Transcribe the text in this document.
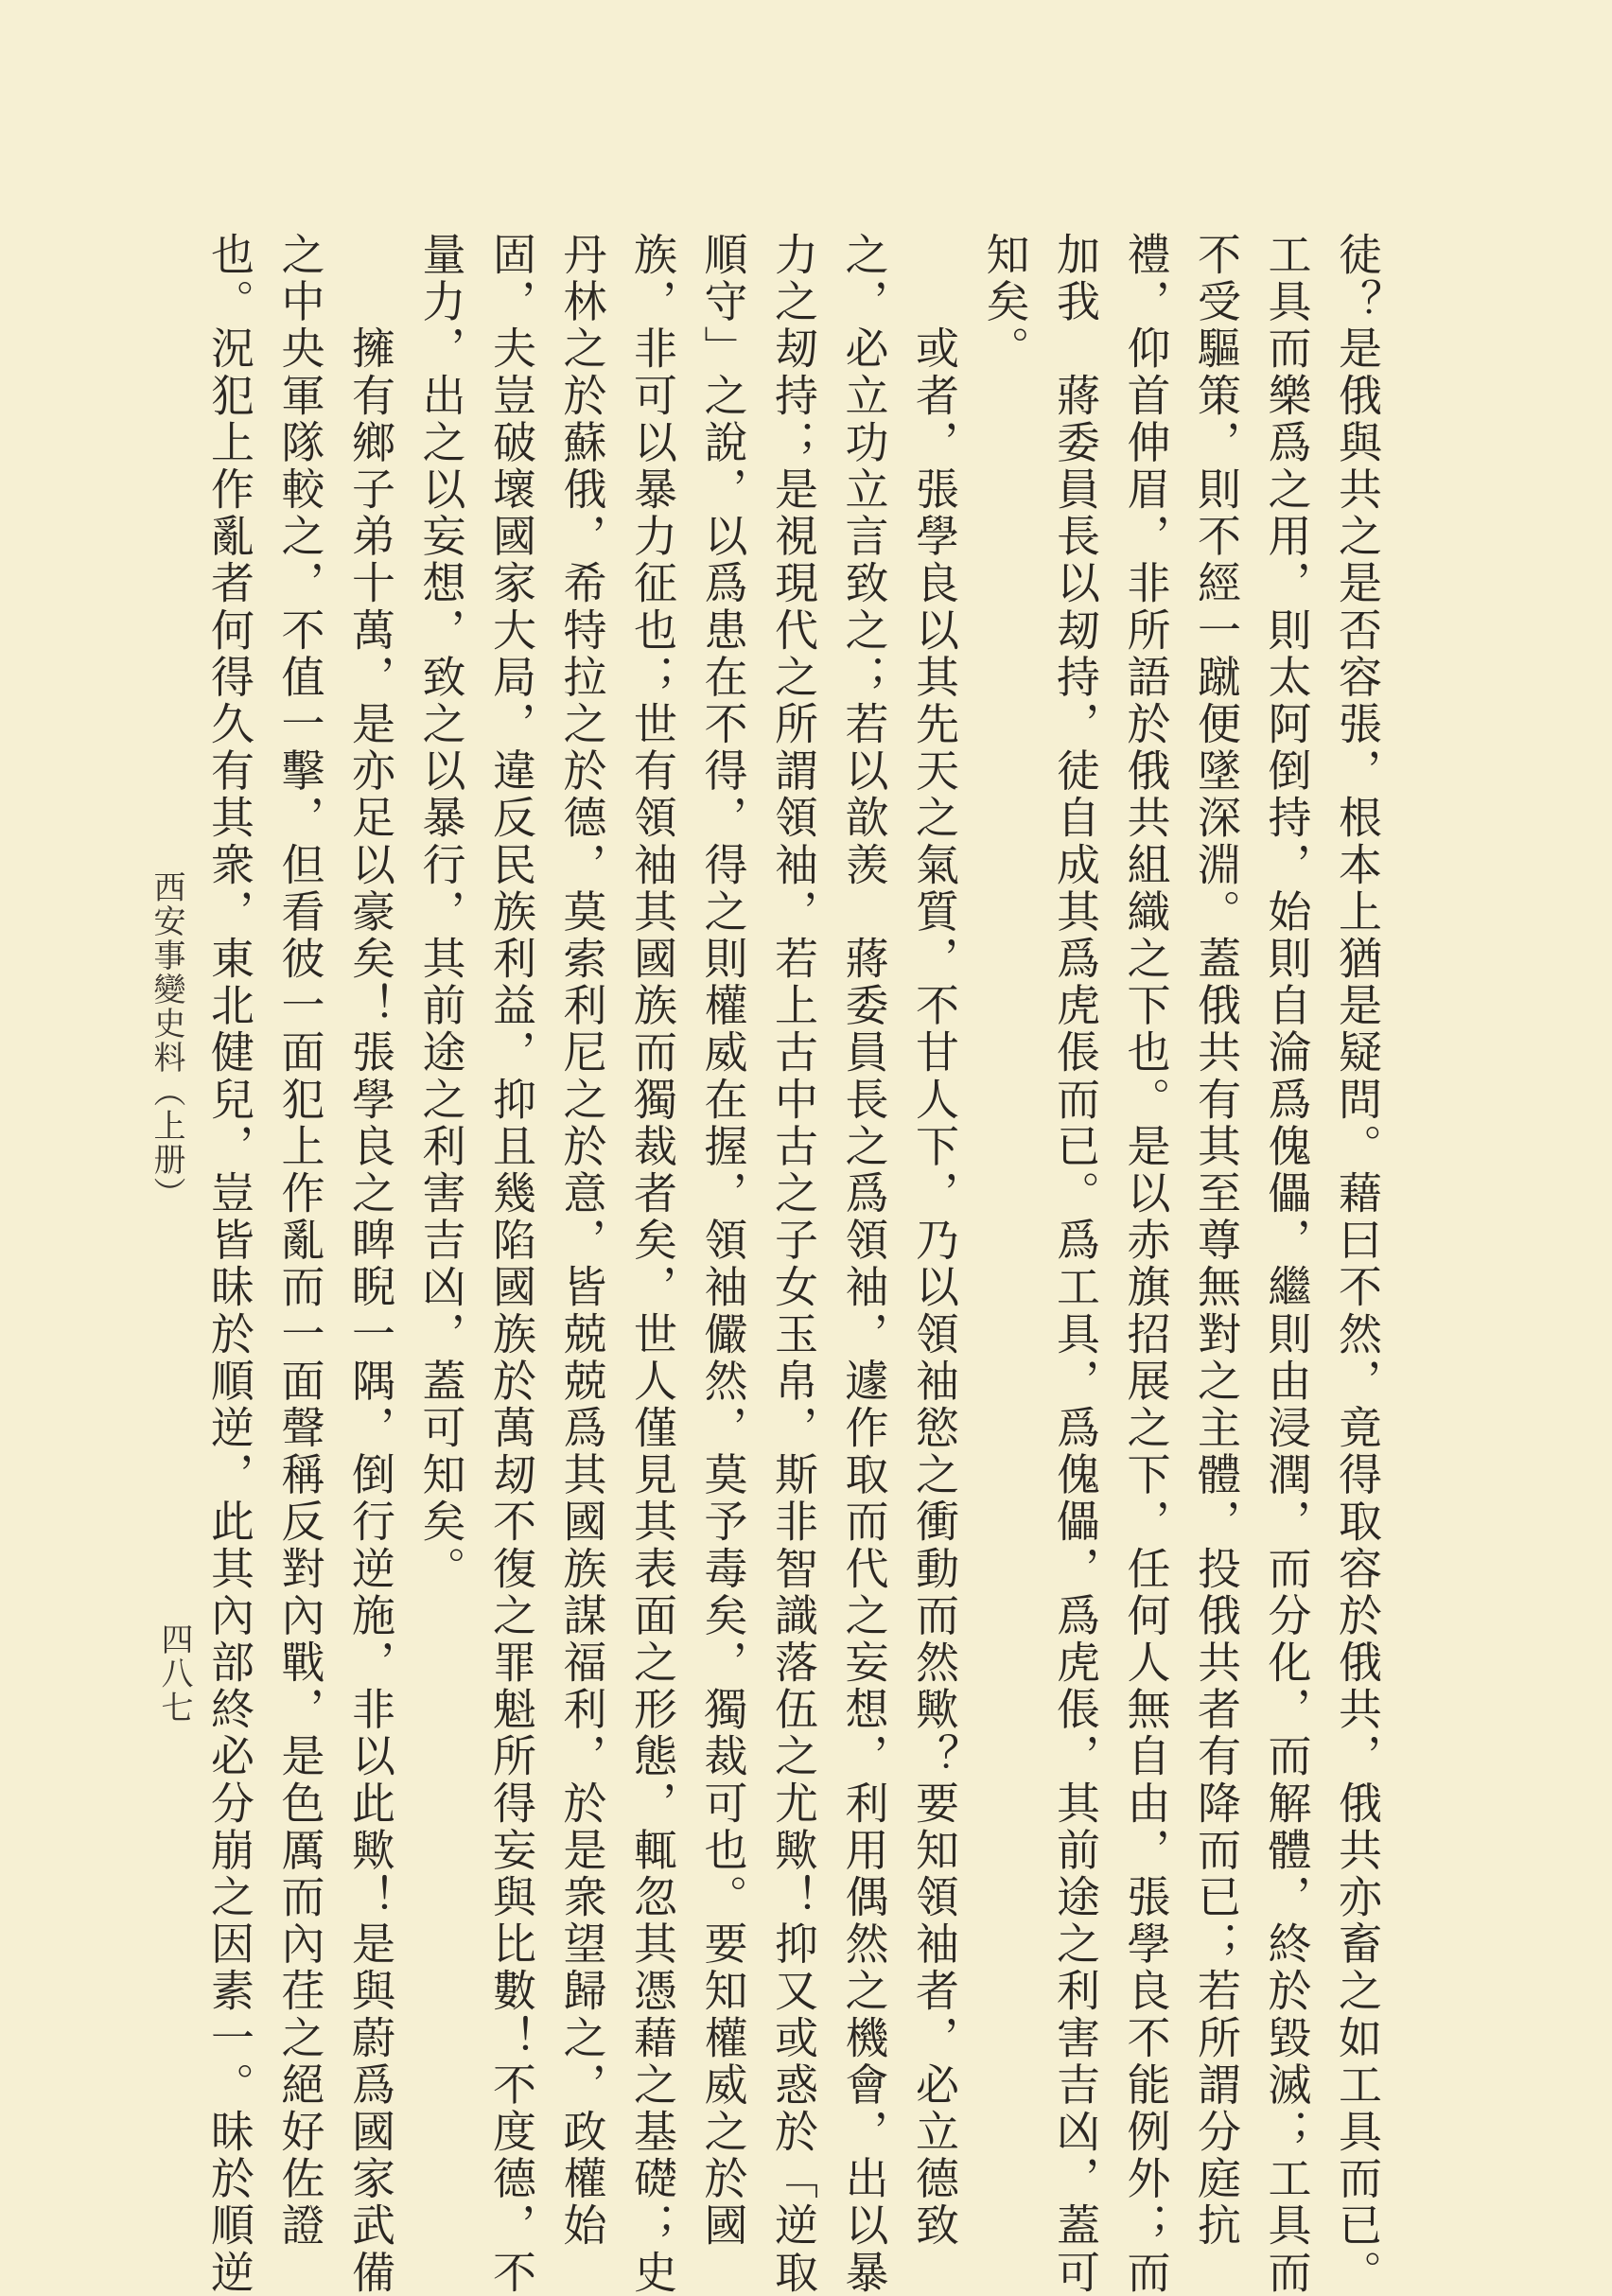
徒？是俄與共之是否容張，根本上猶是疑問。藉曰不然，竟得取容於俄共，俄共亦畜之如工具而已。
工具而樂爲之用，則太阿倒持，始則自淪爲傀儡，繼則由浸潤，而分化，而解體，終於毀滅；工具而
不受驅策，則不經一蹴便墜深淵。蓋俄共有其至尊無對之主體，投俄共者有降而已；若所謂分庭抗
禮，仰首伸眉，非所語於俄共組織之下也。是以赤旗招展之下，任何人無自由，張學良不能例外；而
加我　蔣委員長以刼持，徒自成其爲虎倀而已。爲工具，爲傀儡，爲虎倀，其前途之利害吉凶，蓋可
知矣。
　　或者，張學良以其先天之氣質，不甘人下，乃以領袖慾之衝動而然歟？要知領袖者，必立德致
之，必立功立言致之；若以歆羡　蔣委員長之爲領袖，遽作取而代之妄想，利用偶然之機會，出以暴
力之刼持；是視現代之所謂領袖，若上古中古之子女玉帛，斯非智識落伍之尤歟！抑又或惑於「逆取
順守」之說，以爲患在不得，得之則權威在握，領袖儼然，莫予毒矣，獨裁可也。要知權威之於國
族，非可以暴力征也；世有領袖其國族而獨裁者矣，世人僅見其表面之形態，輒忽其憑藉之基礎；史
丹林之於蘇俄，希特拉之於德，莫索利尼之於意，皆兢兢爲其國族謀福利，於是衆望歸之，政權始
固，夫豈破壞國家大局，違反民族利益，抑且幾陷國族於萬刼不復之罪魁所得妄與比數！不度德，不
量力，出之以妄想，致之以暴行，其前途之利害吉凶，蓋可知矣。
　　擁有鄉子弟十萬，是亦足以豪矣！張學良之睥睨一隅，倒行逆施，非以此歟！是與蔚爲國家武備
之中央軍隊較之，不值一擊，但看彼一面犯上作亂而一面聲稱反對內戰，是色厲而內荏之絕好佐證
也。況犯上作亂者何得久有其衆，東北健兒，豈皆昧於順逆，此其內部終必分崩之因素一。昧於順逆
西安事變史料（上册）
四八七
